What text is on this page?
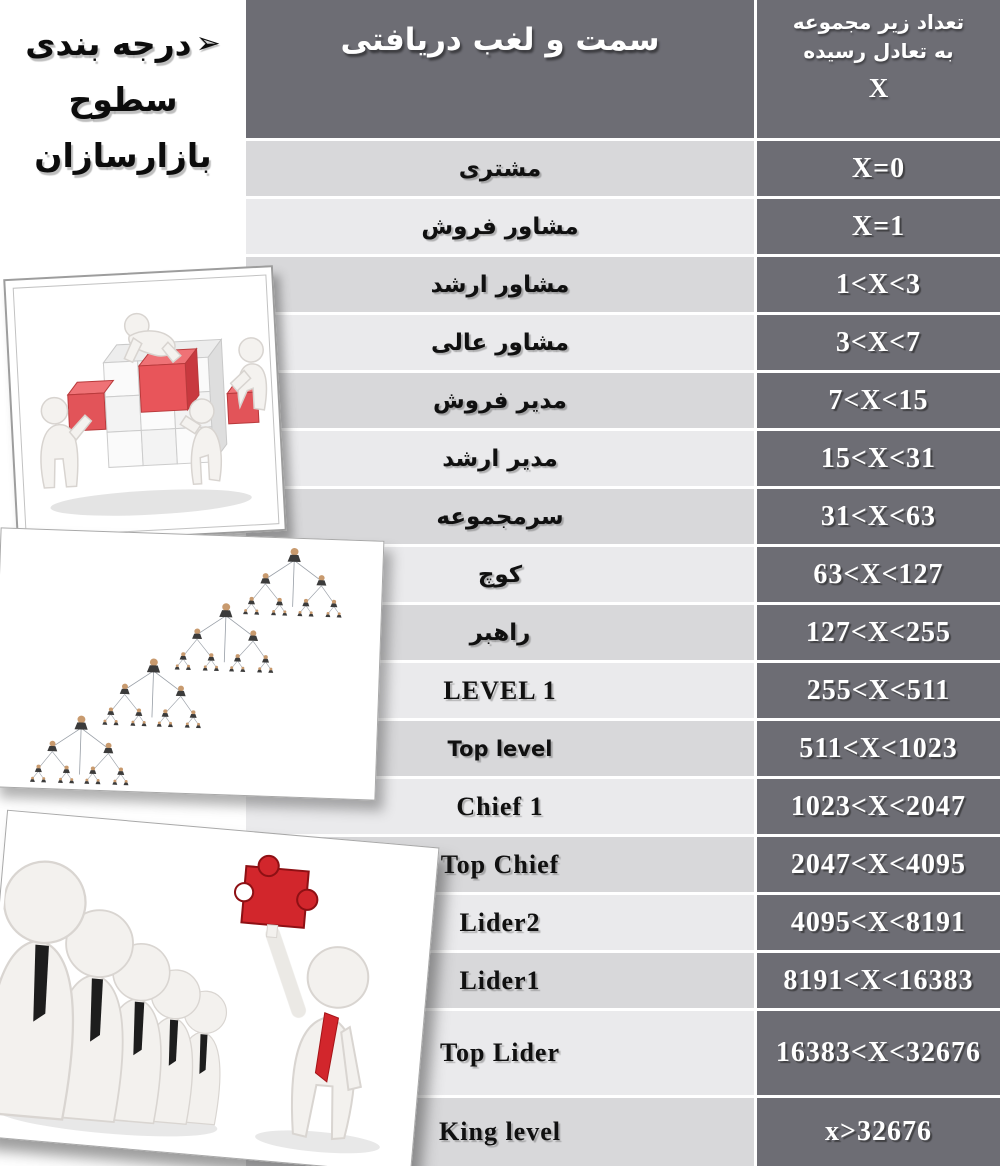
درجه بندی ➢
سطوح
بازارسازان
سمت و لغب دریافتی	تعداد زیر مجموعه
به تعادل رسیده
X
مشتری	X=0
مشاور فروش	X=1
مشاور ارشد	1<X<3
مشاور عالی	3<X<7
مدیر فروش	7<X<15
مدیر ارشد	15<X<31
سرمجموعه	31<X<63
کوچ	63<X<127
راهبر	127<X<255
LEVEL 1	255<X<511
Top level	511<X<1023
Chief 1	1023<X<2047
Top Chief	2047<X<4095
Lider2	4095<X<8191
Lider1	8191<X<16383
Top Lider	16383<X<32676
King level	x>32676
